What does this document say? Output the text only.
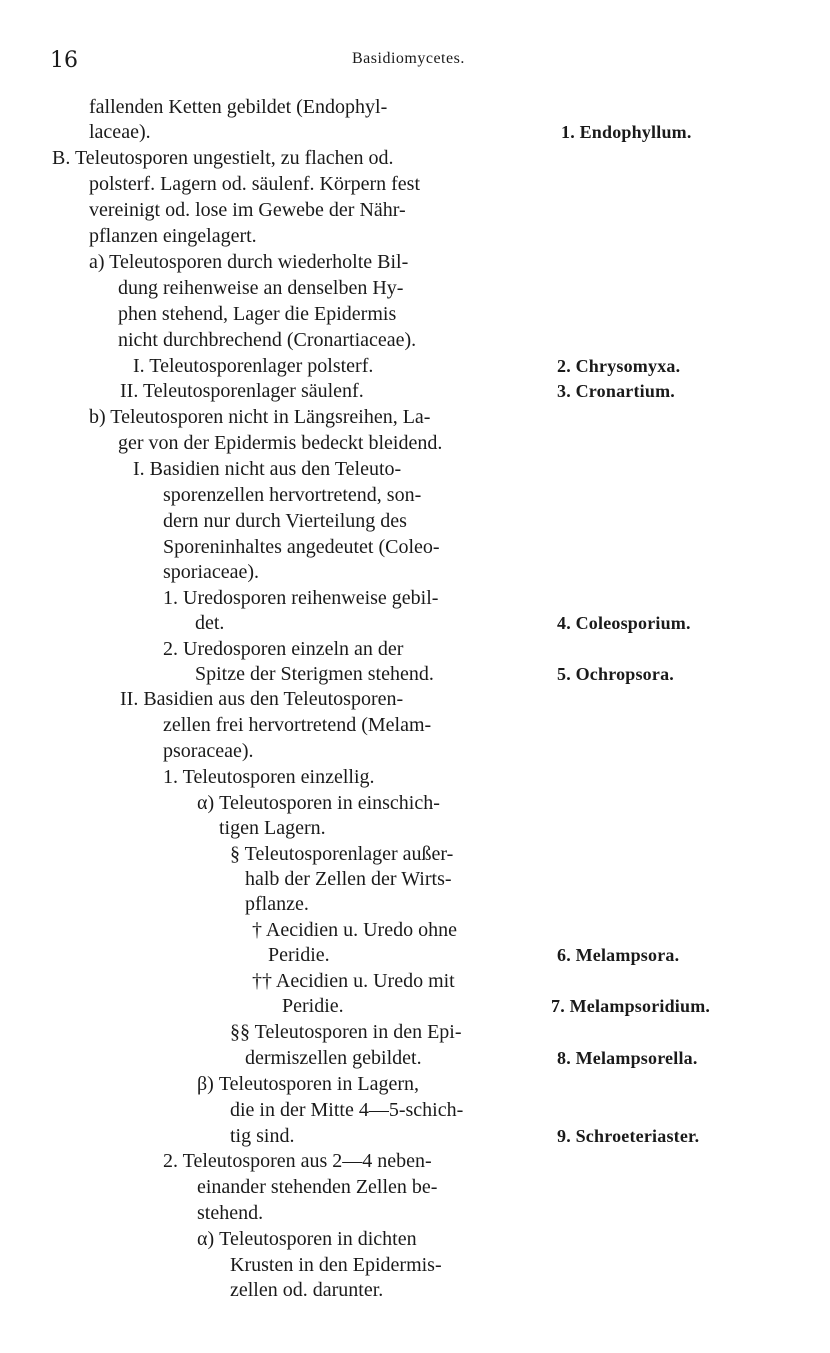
16	Basidiomycetes.
fallenden Ketten gebildet (Endophyl-
laceae).
B. Teleutosporen ungestielt, zu flachen od.
polsterf. Lagern od. säulenf. Körpern fest
vereinigt od. lose im Gewebe der Nähr-
pflanzen eingelagert.
a) Teleutosporen durch wiederholte Bil-
dung reihenweise an denselben Hy-
phen stehend, Lager die Epidermis
nicht durchbrechend (Cronartiaceae).
I. Teleutosporenlager polsterf.
II. Teleutosporenlager säulenf.
b) Teleutosporen nicht in Längsreihen, La-
ger von der Epidermis bedeckt bleidend.
I. Basidien nicht aus den Teleuto-
sporenzellen hervortretend, son-
dern nur durch Vierteilung des
Sporeninhaltes angedeutet (Coleo-
sporiaceae).
1. Uredosporen reihenweise gebil-
det.
2. Uredosporen einzeln an der
Spitze der Sterigmen stehend.
II. Basidien aus den Teleutosporen-
zellen frei hervortretend (Melam-
psoraceae).
1. Teleutosporen einzellig.
α) Teleutosporen in einschich-
tigen Lagern.
§ Teleutosporenlager außer-
halb der Zellen der Wirts-
pflanze.
† Aecidien u. Uredo ohne
Peridie.
†† Aecidien u. Uredo mit
Peridie.
§§ Teleutosporen in den Epi-
dermiszellen gebildet.
β) Teleutosporen in Lagern,
die in der Mitte 4—5-schich-
tig sind.
2. Teleutosporen aus 2—4 neben-
einander stehenden Zellen be-
stehend.
α) Teleutosporen in dichten
Krusten in den Epidermis-
zellen od. darunter.
1. Endophyllum.
2. Chrysomyxa.
3. Cronartium.
4. Coleosporium.
5. Ochropsora.
6. Melampsora.
7. Melampsoridium.
8. Melampsorella.
9. Schroeteriaster.
